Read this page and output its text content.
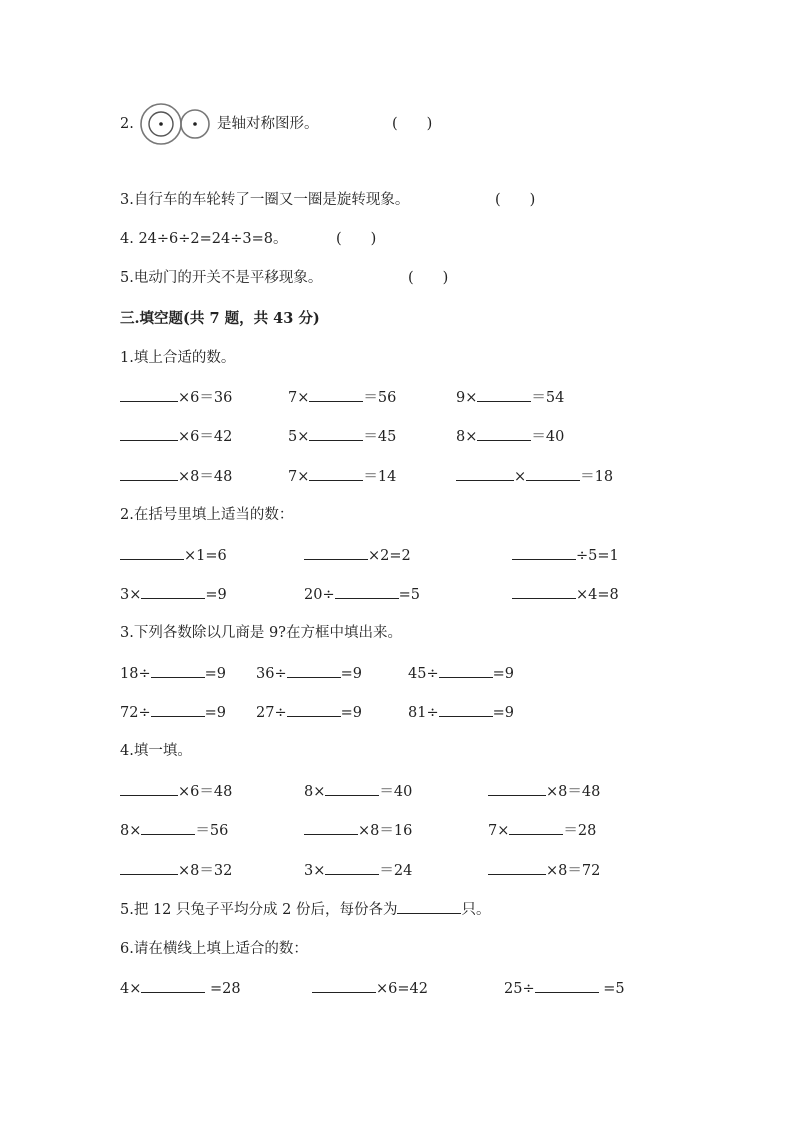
2.	是轴对称图形。	(　　)
3.自行车的车轮转了一圈又一圈是旋转现象。	(　　)
4. 24÷6÷2=24÷3=8。	(　　)
5.电动门的开关不是平移现象。	(　　)
三.填空题(共 7 题，共 43 分)
1.填上合适的数。
×6＝36	7×	＝56	9×	＝54
×6＝42	5×	＝45	8×	＝40
×8＝48	7×	＝14	×	＝18
2.在括号里填上适当的数：
×1=6	×2=2	÷5=1
3×	=9	20÷	=5	×4=8
3.下列各数除以几商是 9?在方框中填出来。
18÷	=9 36÷	=9	45÷	=9
72÷	=9 27÷	=9	81÷	=9
4.填一填。
×6＝48	8×	＝40	×8＝48
8×	＝56	×8＝16	7×	＝28
×8＝32	3×	＝24	×8＝72
5.把 12 只兔子平均分成 2 份后，每份各为	只。
6.请在横线上填上适合的数：
4×	=28	×6=42	25÷	=5
